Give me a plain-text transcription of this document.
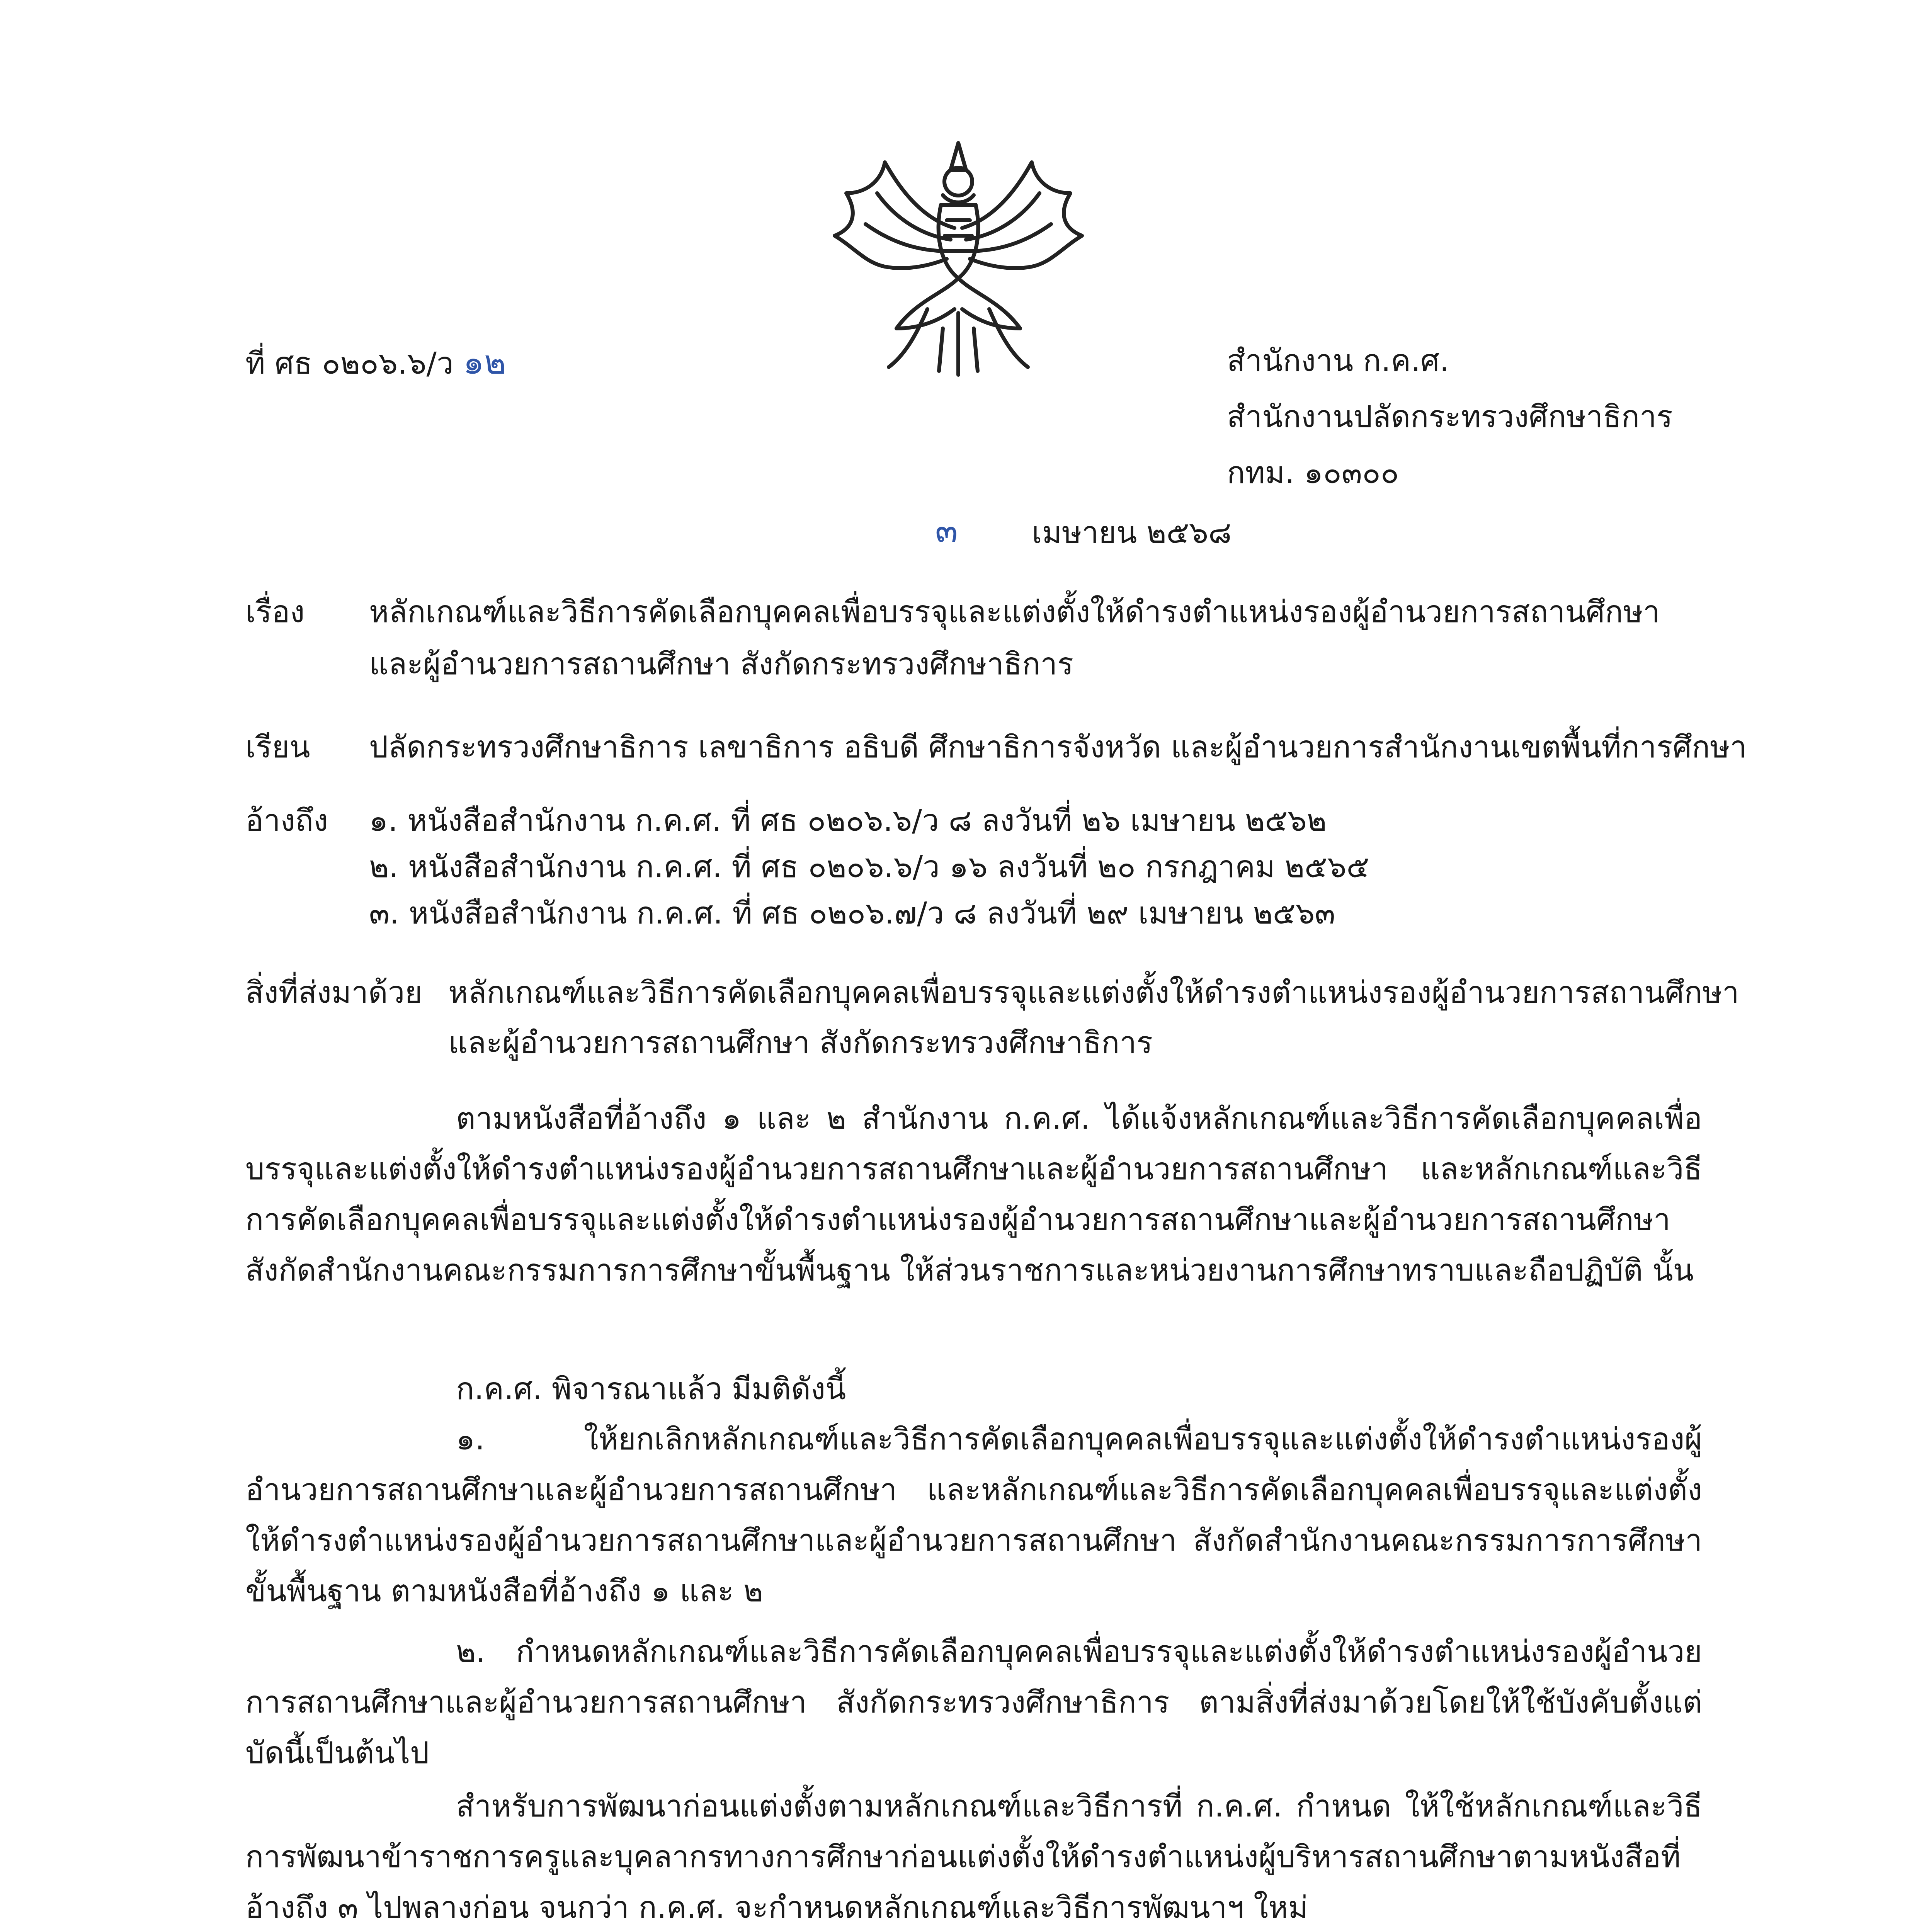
ที่ ศธ ๐๒๐๖.๖/ว ๑๒	สำนักงาน ก.ค.ศ.
สำนักงานปลัดกระทรวงศึกษาธิการ
กทม. ๑๐๓๐๐
๓ เมษายน ๒๕๖๘
เรื่อง หลักเกณฑ์และวิธีการคัดเลือกบุคคลเพื่อบรรจุและแต่งตั้งให้ดำรงตำแหน่งรองผู้อำนวยการสถานศึกษา
และผู้อำนวยการสถานศึกษา สังกัดกระทรวงศึกษาธิการ
เรียน ปลัดกระทรวงศึกษาธิการ เลขาธิการ อธิบดี ศึกษาธิการจังหวัด และผู้อำนวยการสำนักงานเขตพื้นที่การศึกษา
อ้างถึง ๑. หนังสือสำนักงาน ก.ค.ศ. ที่ ศธ ๐๒๐๖.๖/ว ๘ ลงวันที่ ๒๖ เมษายน ๒๕๖๒
๒. หนังสือสำนักงาน ก.ค.ศ. ที่ ศธ ๐๒๐๖.๖/ว ๑๖ ลงวันที่ ๒๐ กรกฎาคม ๒๕๖๕
๓. หนังสือสำนักงาน ก.ค.ศ. ที่ ศธ ๐๒๐๖.๗/ว ๘ ลงวันที่ ๒๙ เมษายน ๒๕๖๓
สิ่งที่ส่งมาด้วย หลักเกณฑ์และวิธีการคัดเลือกบุคคลเพื่อบรรจุและแต่งตั้งให้ดำรงตำแหน่งรองผู้อำนวยการสถานศึกษา
และผู้อำนวยการสถานศึกษา สังกัดกระทรวงศึกษาธิการ

ตามหนังสือที่อ้างถึง ๑ และ ๒ สำนักงาน ก.ค.ศ. ได้แจ้งหลักเกณฑ์และวิธีการคัดเลือกบุคคลเพื่อบรรจุและแต่งตั้งให้ดำรงตำแหน่งรองผู้อำนวยการสถานศึกษาและผู้อำนวยการสถานศึกษา และหลักเกณฑ์และวิธีการคัดเลือกบุคคลเพื่อบรรจุและแต่งตั้งให้ดำรงตำแหน่งรองผู้อำนวยการสถานศึกษาและผู้อำนวยการสถานศึกษา สังกัดสำนักงานคณะกรรมการการศึกษาขั้นพื้นฐาน ให้ส่วนราชการและหน่วยงานการศึกษาทราบและถือปฏิบัติ นั้น

ก.ค.ศ. พิจารณาแล้ว มีมติดังนี้

๑. ให้ยกเลิกหลักเกณฑ์และวิธีการคัดเลือกบุคคลเพื่อบรรจุและแต่งตั้งให้ดำรงตำแหน่งรองผู้อำนวยการสถานศึกษาและผู้อำนวยการสถานศึกษา และหลักเกณฑ์และวิธีการคัดเลือกบุคคลเพื่อบรรจุและแต่งตั้งให้ดำรงตำแหน่งรองผู้อำนวยการสถานศึกษาและผู้อำนวยการสถานศึกษา สังกัดสำนักงานคณะกรรมการการศึกษาขั้นพื้นฐาน ตามหนังสือที่อ้างถึง ๑ และ ๒

๒. กำหนดหลักเกณฑ์และวิธีการคัดเลือกบุคคลเพื่อบรรจุและแต่งตั้งให้ดำรงตำแหน่งรองผู้อำนวยการสถานศึกษาและผู้อำนวยการสถานศึกษา สังกัดกระทรวงศึกษาธิการ ตามสิ่งที่ส่งมาด้วยโดยให้ใช้บังคับตั้งแต่บัดนี้เป็นต้นไป

สำหรับการพัฒนาก่อนแต่งตั้งตามหลักเกณฑ์และวิธีการที่ ก.ค.ศ. กำหนด ให้ใช้หลักเกณฑ์และวิธีการพัฒนาข้าราชการครูและบุคลากรทางการศึกษาก่อนแต่งตั้งให้ดำรงตำแหน่งผู้บริหารสถานศึกษาตามหนังสือที่อ้างถึง ๓ ไปพลางก่อน จนกว่า ก.ค.ศ. จะกำหนดหลักเกณฑ์และวิธีการพัฒนาฯ ใหม่
